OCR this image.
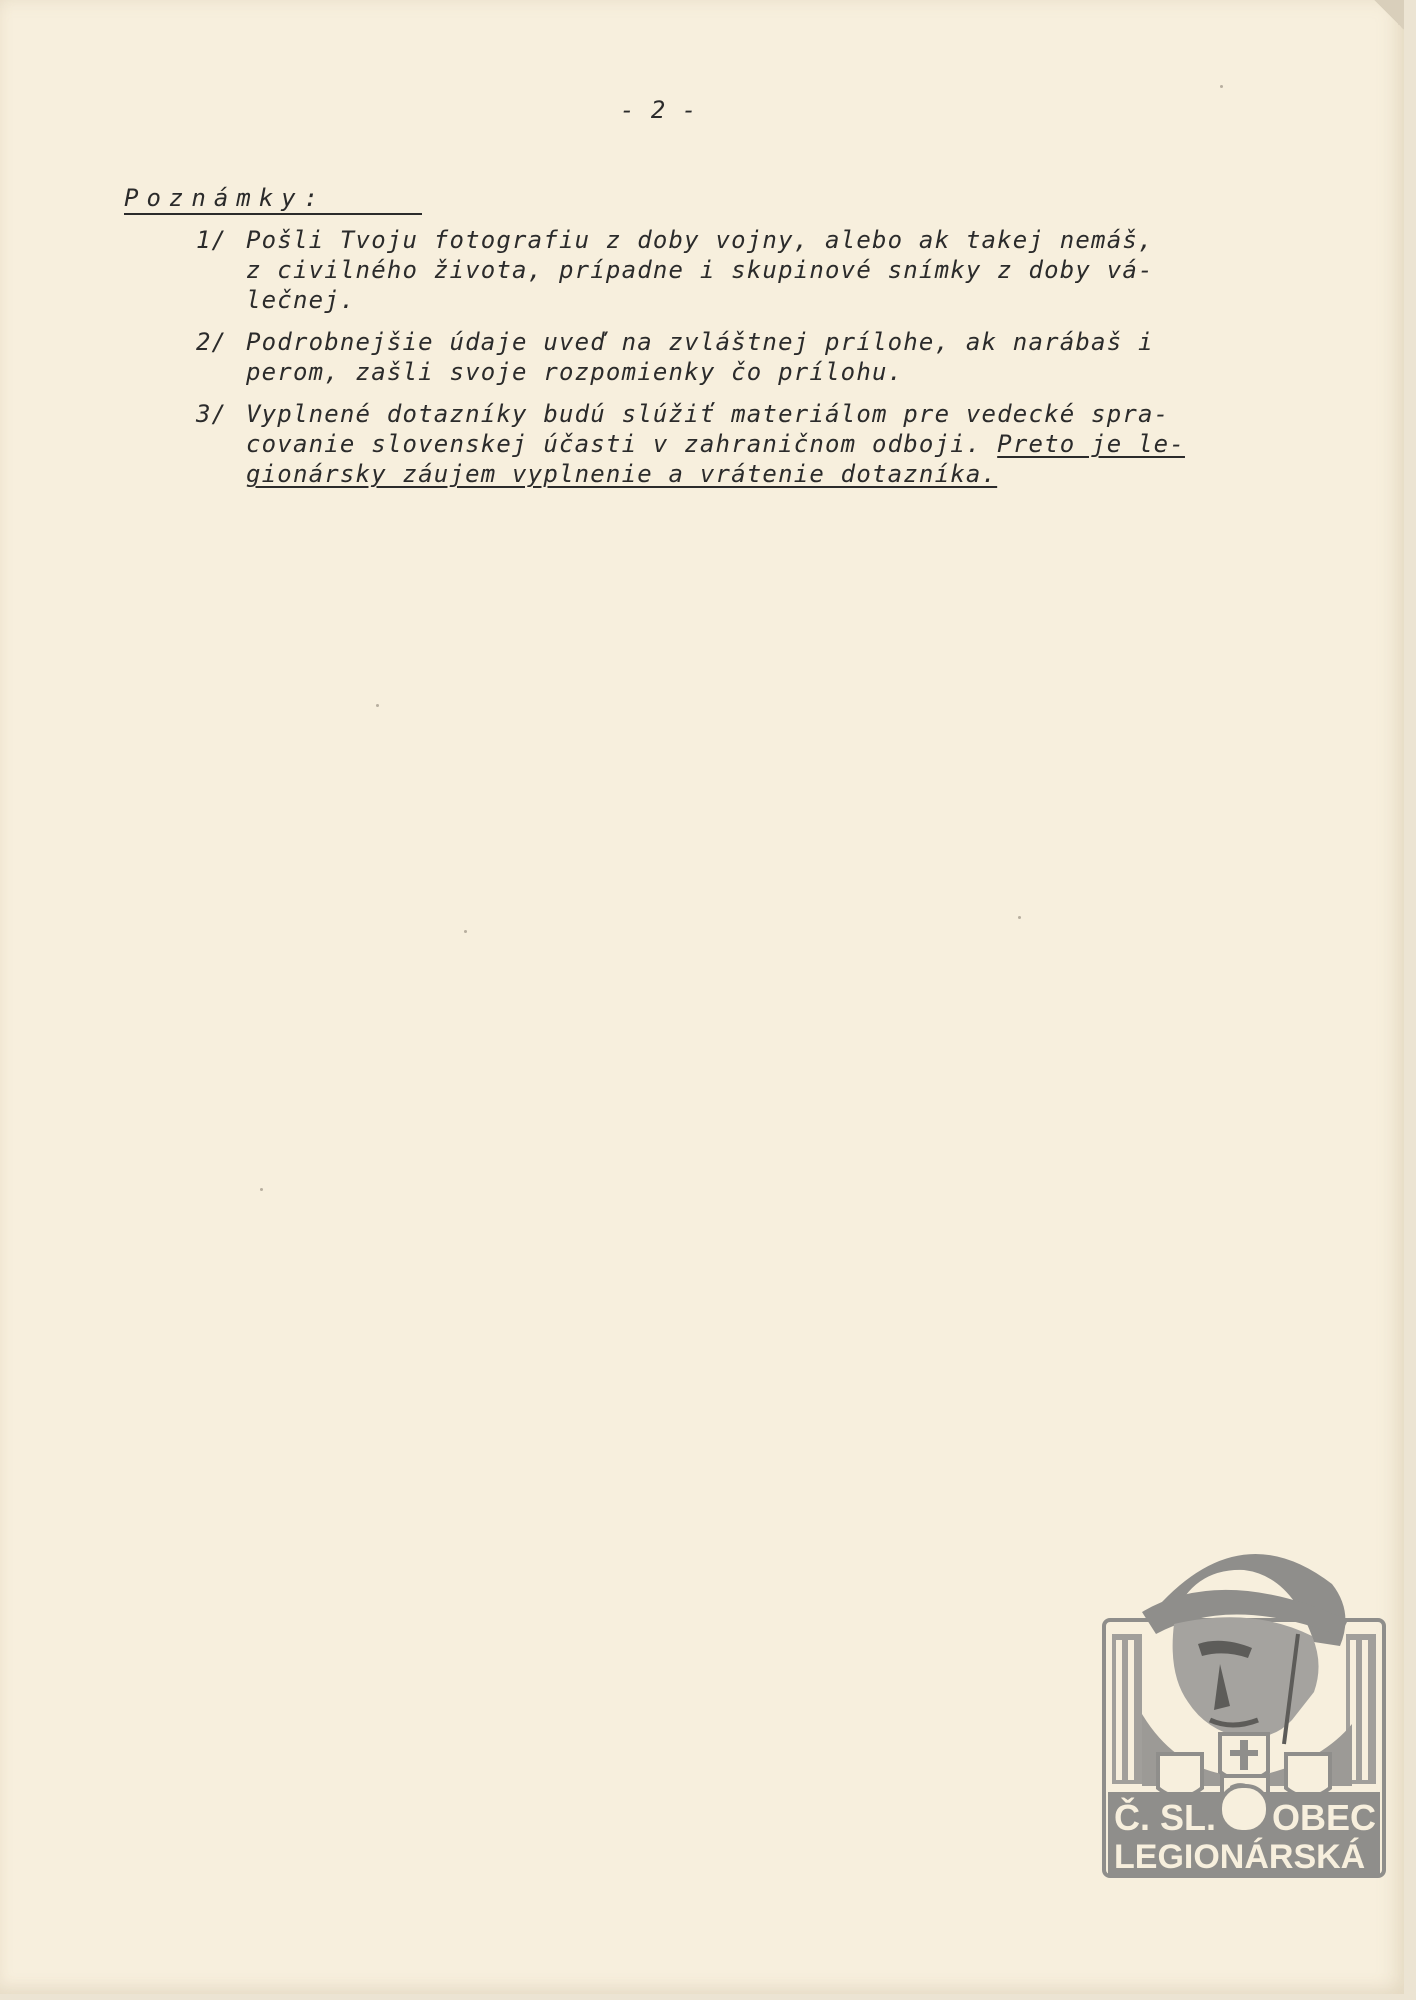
- 2 -
Poznámky:
1/ Pošli Tvoju fotografiu z doby vojny, alebo ak takej nemáš,
z civilného života, prípadne i skupinové snímky z doby vá-
lečnej.
2/ Podrobnejšie údaje uveď na zvláštnej prílohe, ak narábaš i
perom, zašli svoje rozpomienky čo prílohu.
3/ Vyplnené dotazníky budú slúžiť materiálom pre vedecké spra-
covanie slovenskej účasti v zahraničnom odboji. Preto je le-
gionársky záujem vyplnenie a vrátenie dotazníka.
Č. SL. OBEC
LEGIONÁRSKÁ
